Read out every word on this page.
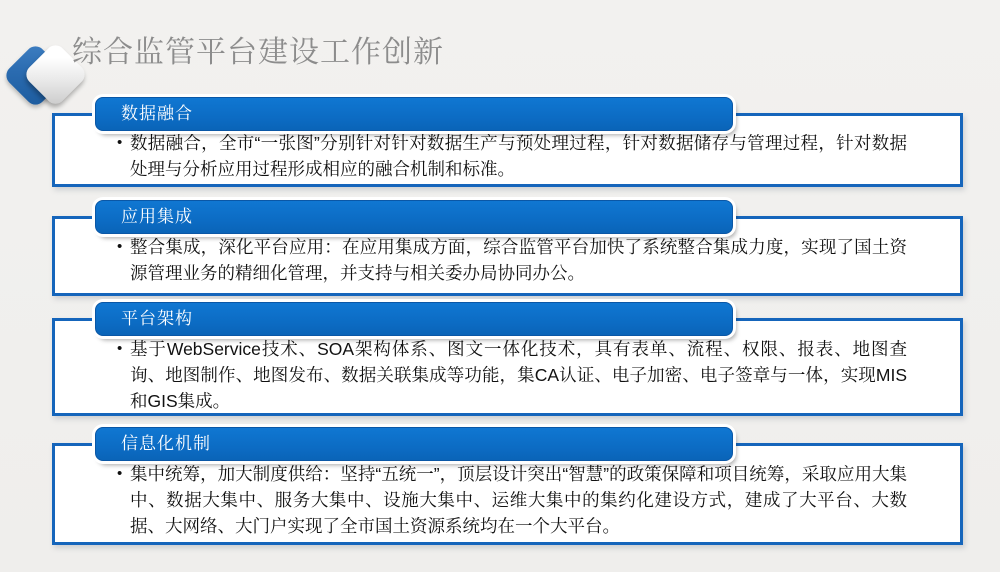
综合监管平台建设工作创新
数据融合
• 数据融合，全市“一张图”分别针对针对数据生产与预处理过程，针对数据储存与管理过程，针对数据处理与分析应用过程形成相应的融合机制和标准。

应用集成
• 整合集成，深化平台应用：在应用集成方面，综合监管平台加快了系统整合集成力度，实现了国土资源管理业务的精细化管理，并支持与相关委办局协同办公。

平台架构
• 基于WebService技术、SOA架构体系、图文一体化技术，具有表单、流程、权限、报表、地图查询、地图制作、地图发布、数据关联集成等功能，集CA认证、电子加密、电子签章与一体，实现MIS和GIS集成。

信息化机制
• 集中统筹，加大制度供给：坚持“五统一”，顶层设计突出“智慧”的政策保障和项目统筹，采取应用大集中、数据大集中、服务大集中、设施大集中、运维大集中的集约化建设方式，建成了大平台、大数据、大网络、大门户实现了全市国土资源系统均在一个大平台。
